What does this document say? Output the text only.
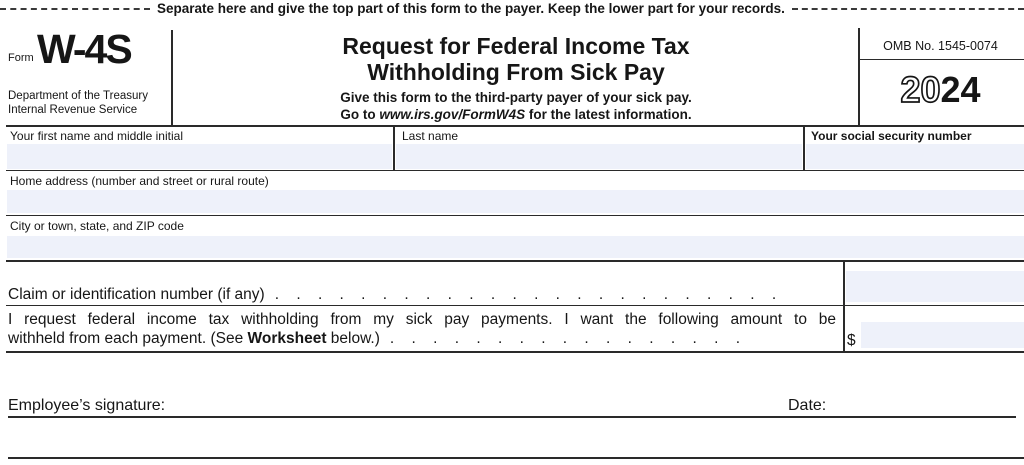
Form W-4S
Department of the Treasury
Internal Revenue Service
Request for Federal Income Tax
Withholding From Sick Pay
Give this form to the third-party payer of your sick pay.
Go to www.irs.gov/FormW4S for the latest information.
OMB No. 1545-0074
2024
Your first name and middle initial	Last name	Your social security number
Home address (number and street or rural route)
City or town, state, and ZIP code
Claim or identification number (if any) . . . . . . . . . . . . . . . . . . . . . . . .
I request federal income tax withholding from my sick pay payments. I want the following amount to be
withheld from each payment. (See Worksheet below.) . . . . . . . . . . . . . . . . .	$
Employee’s signature:	Date:
Separate here and give the top part of this form to the payer. Keep the lower part for your records.
